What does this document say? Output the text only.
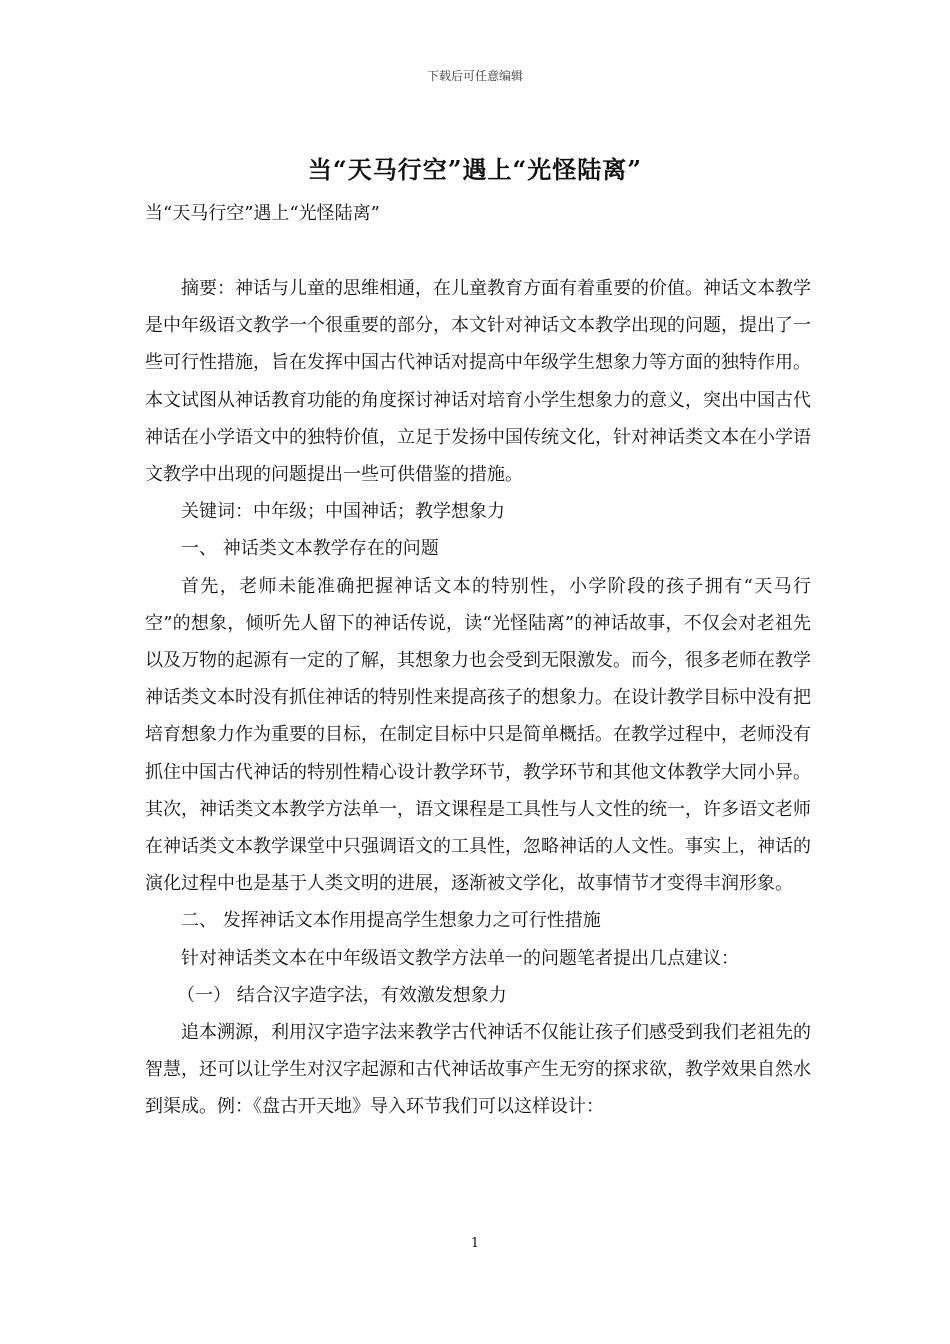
下载后可任意编辑
当“天马行空”遇上“光怪陆离”
当“天马行空”遇上“光怪陆离”

摘要：神话与儿童的思维相通，在儿童教育方面有着重要的价值。神话文本教学是中年级语文教学一个很重要的部分，本文针对神话文本教学出现的问题，提出了一些可行性措施，旨在发挥中国古代神话对提高中年级学生想象力等方面的独特作用。本文试图从神话教育功能的角度探讨神话对培育小学生想象力的意义，突出中国古代神话在小学语文中的独特价值，立足于发扬中国传统文化，针对神话类文本在小学语文教学中出现的问题提出一些可供借鉴的措施。

关键词：中年级；中国神话；教学想象力

一、 神话类文本教学存在的问题

首先，老师未能准确把握神话文本的特别性，小学阶段的孩子拥有“天马行空”的想象，倾听先人留下的神话传说，读“光怪陆离”的神话故事，不仅会对老祖先以及万物的起源有一定的了解，其想象力也会受到无限激发。而今，很多老师在教学神话类文本时没有抓住神话的特别性来提高孩子的想象力。在设计教学目标中没有把培育想象力作为重要的目标，在制定目标中只是简单概括。在教学过程中，老师没有抓住中国古代神话的特别性精心设计教学环节，教学环节和其他文体教学大同小异。其次，神话类文本教学方法单一，语文课程是工具性与人文性的统一，许多语文老师在神话类文本教学课堂中只强调语文的工具性，忽略神话的人文性。事实上，神话的演化过程中也是基于人类文明的进展，逐渐被文学化，故事情节才变得丰润形象。

二、 发挥神话文本作用提高学生想象力之可行性措施

针对神话类文本在中年级语文教学方法单一的问题笔者提出几点建议：

（一） 结合汉字造字法，有效激发想象力

追本溯源，利用汉字造字法来教学古代神话不仅能让孩子们感受到我们老祖先的智慧，还可以让学生对汉字起源和古代神话故事产生无穷的探求欲，教学效果自然水到渠成。例：《盘古开天地》导入环节我们可以这样设计：

1
